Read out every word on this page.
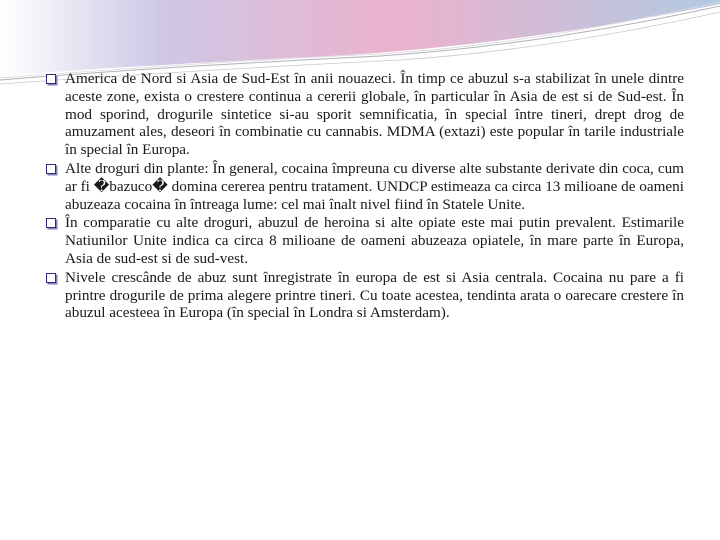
America de Nord si Asia de Sud-Est în anii nouazeci. În timp ce abuzul s-a stabilizat în unele dintre aceste zone, exista o crestere continua a cererii globale, în particular în Asia de est si de Sud-est. În mod sporind, drogurile sintetice si-au sporit semnificatia, în special între tineri, drept drog de amuzament ales, deseori în combinatie cu cannabis. MDMA (extazi) este popular în tarile industriale în special în Europa.
Alte droguri din plante: În general, cocaina împreuna cu diverse alte substante derivate din coca, cum ar fi �bazuco� domina cererea pentru tratament. UNDCP estimeaza ca circa 13 milioane de oameni abuzeaza cocaina în întreaga lume: cel mai înalt nivel fiind în Statele Unite.
În comparatie cu alte droguri, abuzul de heroina si alte opiate este mai putin prevalent. Estimarile Natiunilor Unite indica ca circa 8 milioane de oameni abuzeaza opiatele, în mare parte în Europa, Asia de sud-est si de sud-vest.
Nivele crescânde de abuz sunt înregistrate în europa de est si Asia centrala. Cocaina nu pare a fi printre drogurile de prima alegere printre tineri. Cu toate acestea, tendinta arata o oarecare crestere în abuzul acesteea în Europa (în special în Londra si Amsterdam).
